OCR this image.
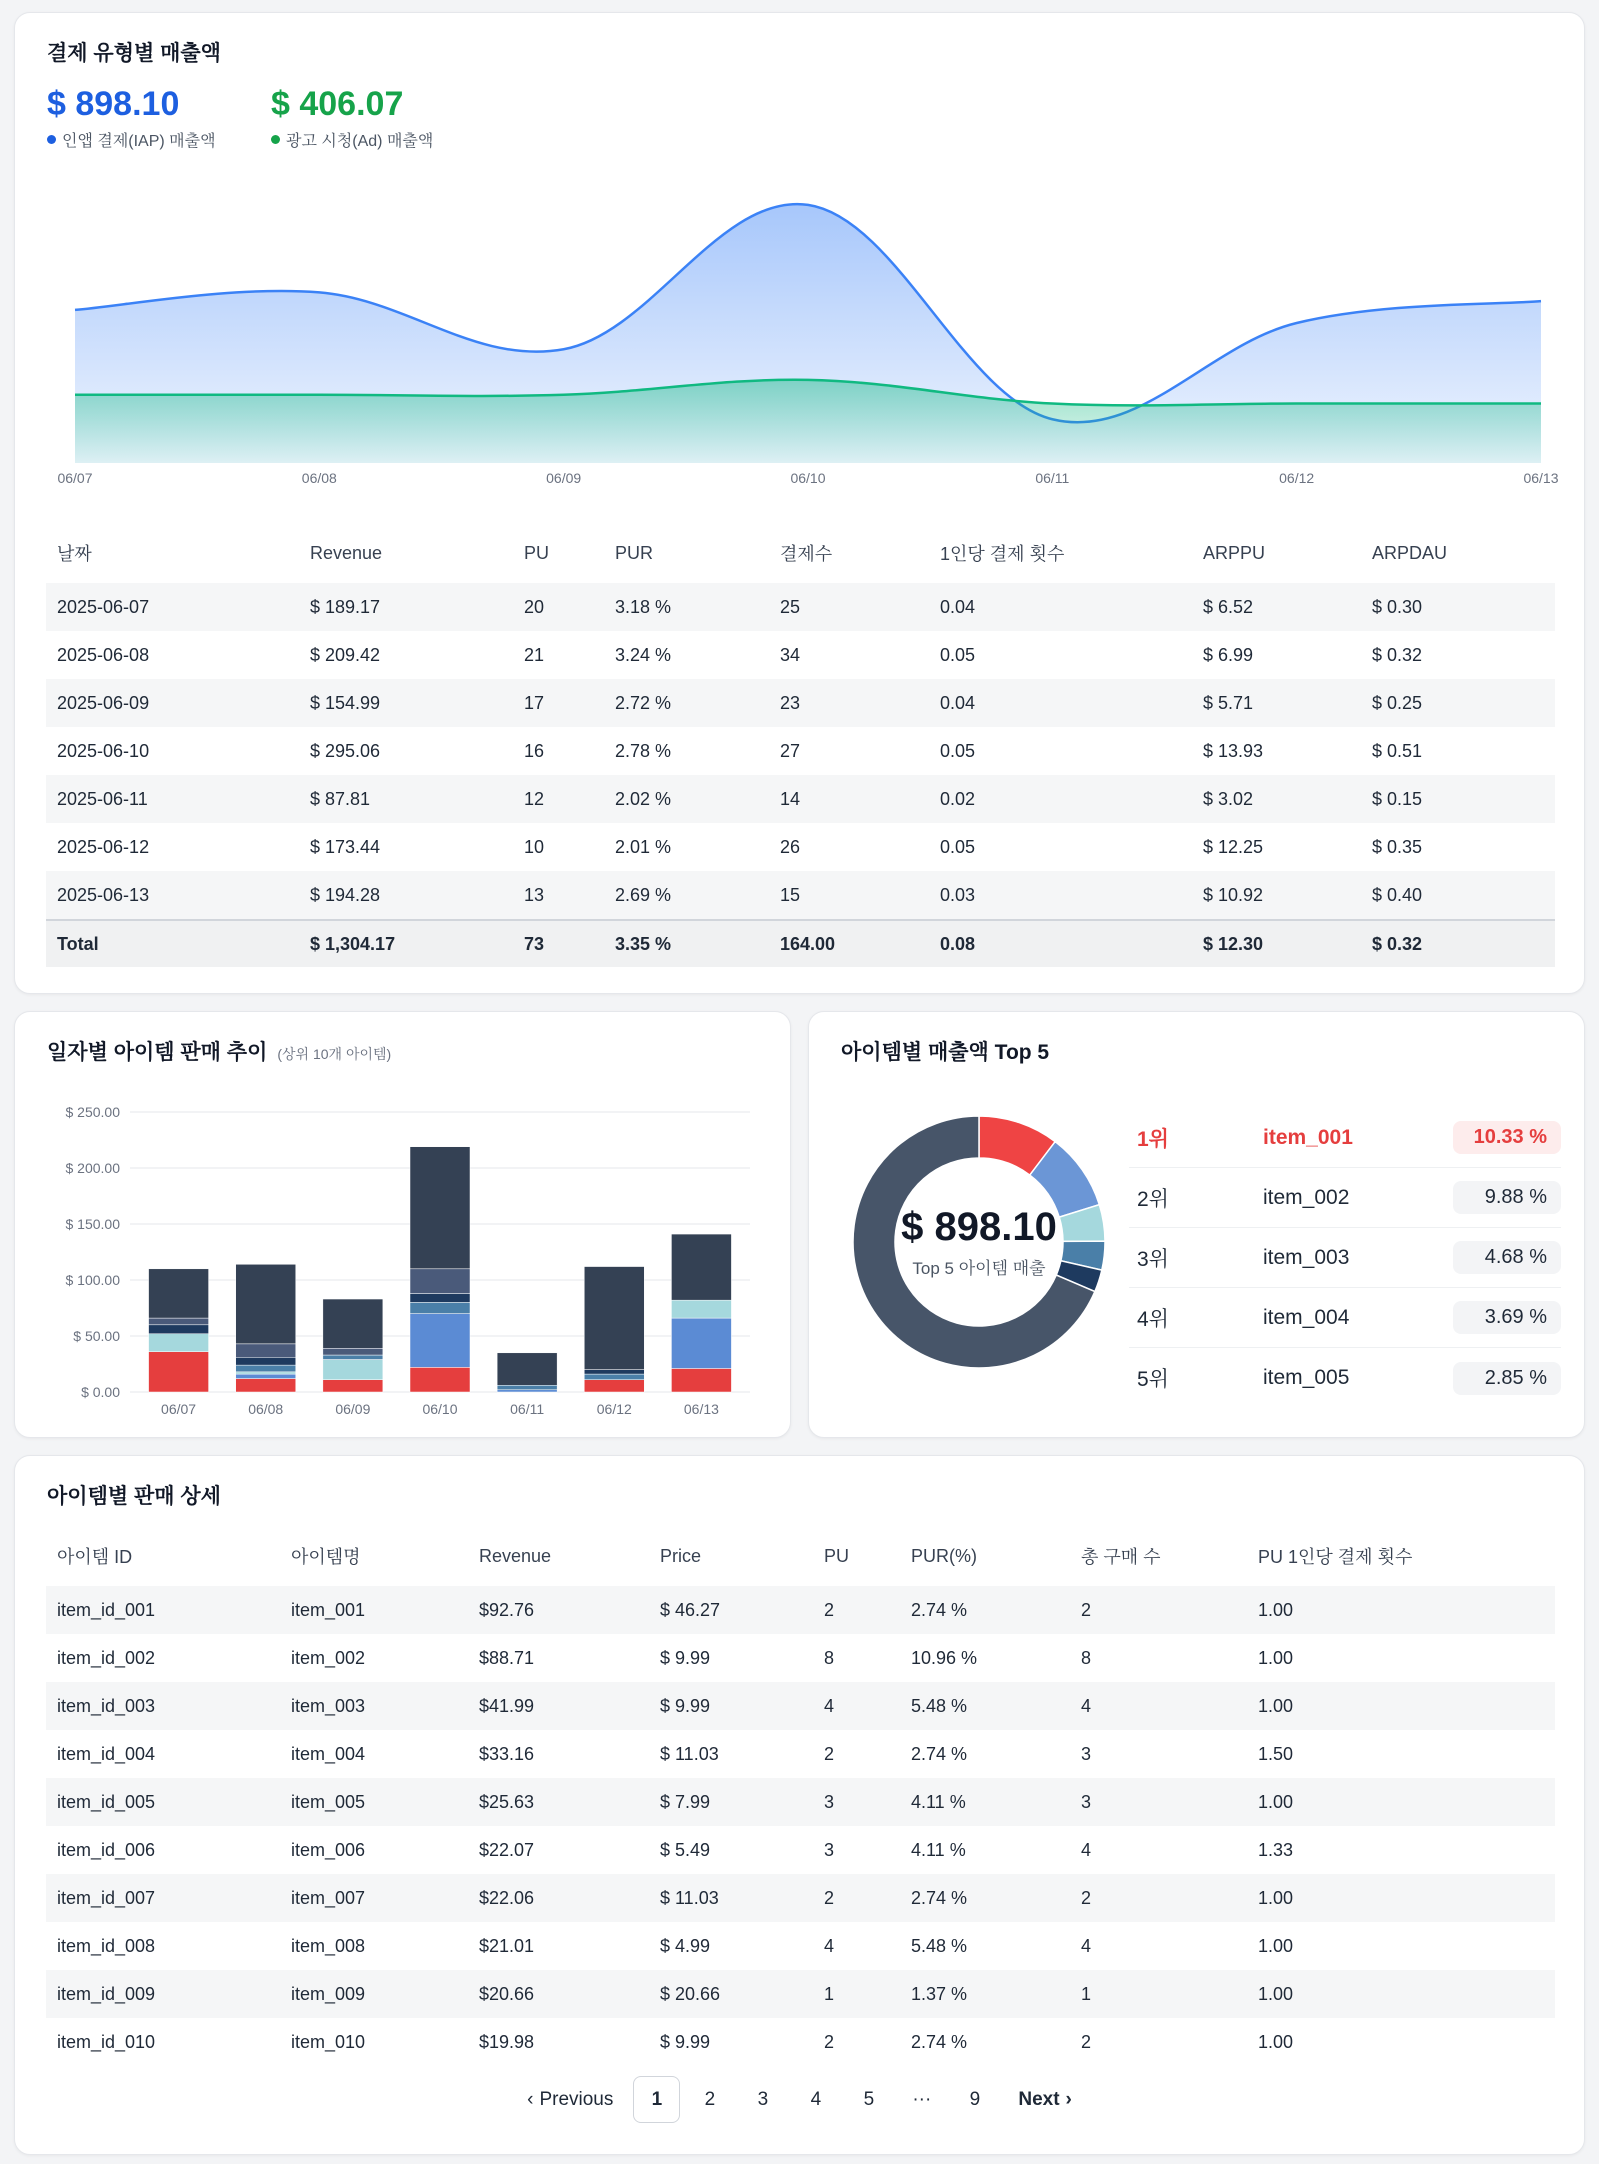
결제 유형별 매출액
$ 898.10
인앱 결제(IAP) 매출액
$ 406.07
광고 시청(Ad) 매출액
06/07	06/08	06/09	06/10	06/11	06/12	06/13
날짜	Revenue	PU	PUR	결제수	1인당 결제 횟수	ARPPU	ARPDAU
2025-06-07	$ 189.17	20	3.18 %	25	0.04	$ 6.52	$ 0.30
2025-06-08	$ 209.42	21	3.24 %	34	0.05	$ 6.99	$ 0.32
2025-06-09	$ 154.99	17	2.72 %	23	0.04	$ 5.71	$ 0.25
2025-06-10	$ 295.06	16	2.78 %	27	0.05	$ 13.93	$ 0.51
2025-06-11	$ 87.81	12	2.02 %	14	0.02	$ 3.02	$ 0.15
2025-06-12	$ 173.44	10	2.01 %	26	0.05	$ 12.25	$ 0.35
2025-06-13	$ 194.28	13	2.69 %	15	0.03	$ 10.92	$ 0.40
Total	$ 1,304.17	73	3.35 %	164.00	0.08	$ 12.30	$ 0.32
일자별 아이템 판매 추이 (상위 10개 아이템)
$ 0.00
$ 50.00
$ 100.00
$ 150.00
$ 200.00
$ 250.00
06/07	06/08	06/09	06/10	06/11	06/12	06/13
아이템별 매출액 Top 5
$ 898.10
Top 5 아이템 매출
1위	item_001	10.33 %
2위	item_002	9.88 %
3위	item_003	4.68 %
4위	item_004	3.69 %
5위	item_005	2.85 %
아이템별 판매 상세
아이템 ID	아이템명	Revenue	Price	PU	PUR(%)	총 구매 수	PU 1인당 결제 횟수
item_id_001	item_001	$92.76	$ 46.27	2	2.74 %	2	1.00
item_id_002	item_002	$88.71	$ 9.99	8	10.96 %	8	1.00
item_id_003	item_003	$41.99	$ 9.99	4	5.48 %	4	1.00
item_id_004	item_004	$33.16	$ 11.03	2	2.74 %	3	1.50
item_id_005	item_005	$25.63	$ 7.99	3	4.11 %	3	1.00
item_id_006	item_006	$22.07	$ 5.49	3	4.11 %	4	1.33
item_id_007	item_007	$22.06	$ 11.03	2	2.74 %	2	1.00
item_id_008	item_008	$21.01	$ 4.99	4	5.48 %	4	1.00
item_id_009	item_009	$20.66	$ 20.66	1	1.37 %	1	1.00
item_id_010	item_010	$19.98	$ 9.99	2	2.74 %	2	1.00
‹ Previous	1	2	3	4	5	···	9	Next ›
